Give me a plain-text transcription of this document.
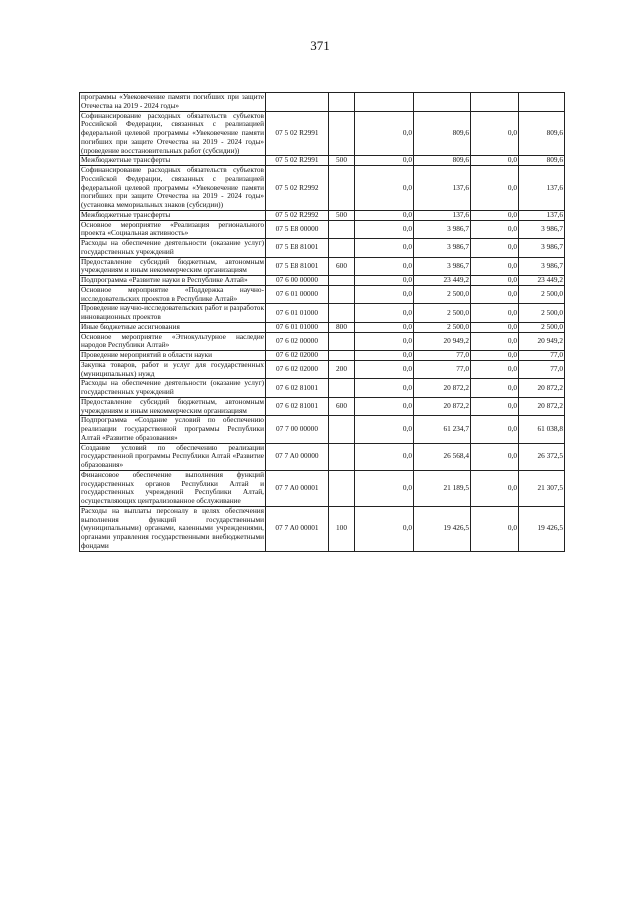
371
программы «Увековечение памяти погибших при защите Отечества на 2019 - 2024 годы»						
Софинансирование расходных обязательств субъектов Российской Федерации, связанных с реализацией федеральной целевой программы «Увековечение памяти погибших при защите Отечества на 2019 - 2024 годы» (проведение восстановительных работ (субсидии))	07 5 02 R2991		0,0	809,6	0,0	809,6
Межбюджетные трансферты	07 5 02 R2991	500	0,0	809,6	0,0	809,6
Софинансирование расходных обязательств субъектов Российской Федерации, связанных с реализацией федеральной целевой программы «Увековечение памяти погибших при защите Отечества на 2019 - 2024 годы» (установка мемориальных знаков (субсидии))	07 5 02 R2992		0,0	137,6	0,0	137,6
Межбюджетные трансферты	07 5 02 R2992	500	0,0	137,6	0,0	137,6
Основное мероприятие «Реализация регионального проекта «Социальная активность»	07 5 E8 00000		0,0	3 986,7	0,0	3 986,7
Расходы на обеспечение деятельности (оказание услуг) государственных учреждений	07 5 E8 81001		0,0	3 986,7	0,0	3 986,7
Предоставление субсидий бюджетным, автономным учреждениям и иным некоммерческим организациям	07 5 E8 81001	600	0,0	3 986,7	0,0	3 986,7
Подпрограмма «Развитие науки в Республике Алтай»	07 6 00 00000		0,0	23 449,2	0,0	23 449,2
Основное мероприятие «Поддержка научно-исследовательских проектов в Республике Алтай»	07 6 01 00000		0,0	2 500,0	0,0	2 500,0
Проведение научно-исследовательских работ и разработок инновационных проектов	07 6 01 01000		0,0	2 500,0	0,0	2 500,0
Иные бюджетные ассигнования	07 6 01 01000	800	0,0	2 500,0	0,0	2 500,0
Основное мероприятие «Этнокультурное наследие народов Республики Алтай»	07 6 02 00000		0,0	20 949,2	0,0	20 949,2
Проведение мероприятий в области науки	07 6 02 02000		0,0	77,0	0,0	77,0
Закупка товаров, работ и услуг для государственных (муниципальных) нужд	07 6 02 02000	200	0,0	77,0	0,0	77,0
Расходы на обеспечение деятельности (оказание услуг) государственных учреждений	07 6 02 81001		0,0	20 872,2	0,0	20 872,2
Предоставление субсидий бюджетным, автономным учреждениям и иным некоммерческим организациям	07 6 02 81001	600	0,0	20 872,2	0,0	20 872,2
Подпрограмма «Создание условий по обеспечению реализации государственной программы Республики Алтай «Развитие образования»	07 7 00 00000		0,0	61 234,7	0,0	61 038,8
Создание условий по обеспечению реализации государственной программы Республики Алтай «Развитие образования»	07 7 A0 00000		0,0	26 568,4	0,0	26 372,5
Финансовое обеспечение выполнения функций государственных органов Республики Алтай и государственных учреждений Республики Алтай, осуществляющих централизованное обслуживание	07 7 A0 00001		0,0	21 189,5	0,0	21 307,5
Расходы на выплаты персоналу в целях обеспечения выполнения функций государственными (муниципальными) органами, казенными учреждениями, органами управления государственными внебюджетными фондами	07 7 A0 00001	100	0,0	19 426,5	0,0	19 426,5
